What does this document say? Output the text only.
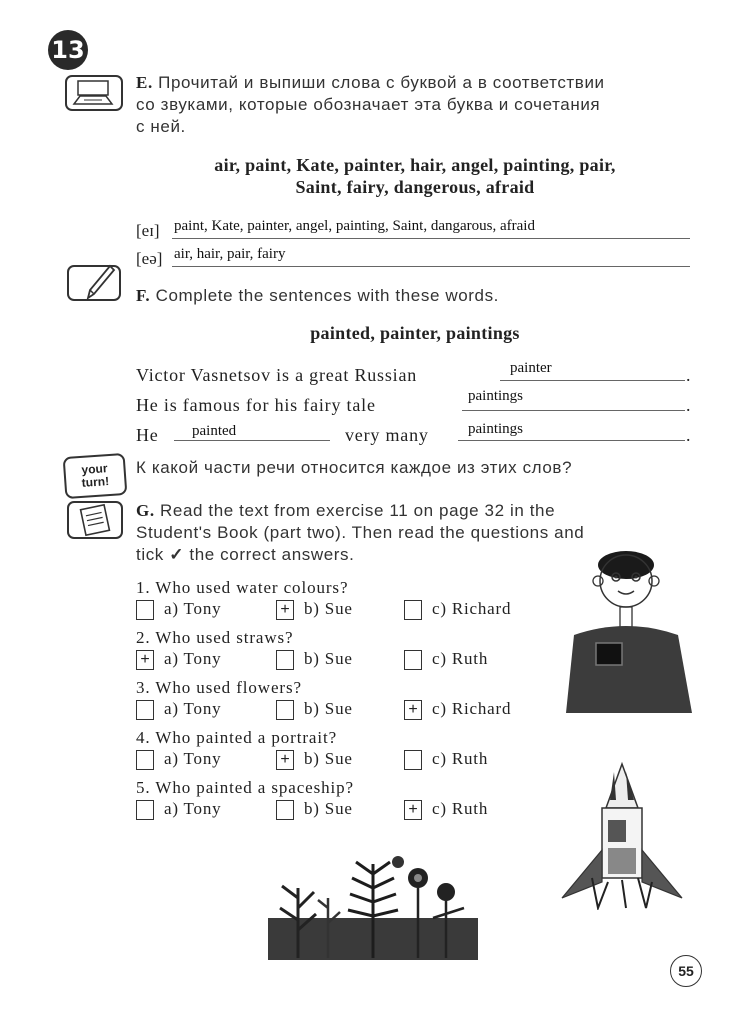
13
E. Прочитай и выпиши слова с буквой а в соответствии
со звуками, которые обозначает эта буква и сочетания
с ней.
air, paint, Kate, painter, hair, angel, painting, pair,
Saint, fairy, dangerous, afraid
[eɪ] paint, Kate, painter, angel, painting, Saint, dangarous, afraid
[eə] air, hair, pair, fairy
F. Complete the sentences with these words.
painted, painter, paintings
Victor Vasnetsov is a great Russian	painter	.
He is famous for his fairy tale	paintings	.
He painted	very many	paintings	.
your
turn!
К какой части речи относится каждое из этих слов?
G. Read the text from exercise 11 on page 32 in the
Student's Book (part two). Then read the questions and
tick ✓ the correct answers.
1. Who used water colours?
a) Tony	+ b) Sue	c) Richard
2. Who used straws?
+ a) Tony	b) Sue	c) Ruth
3. Who used flowers?
a) Tony	b) Sue	+ c) Richard
4. Who painted a portrait?
a) Tony	+ b) Sue	c) Ruth
5. Who painted a spaceship?
a) Tony	b) Sue	+ c) Ruth
55
